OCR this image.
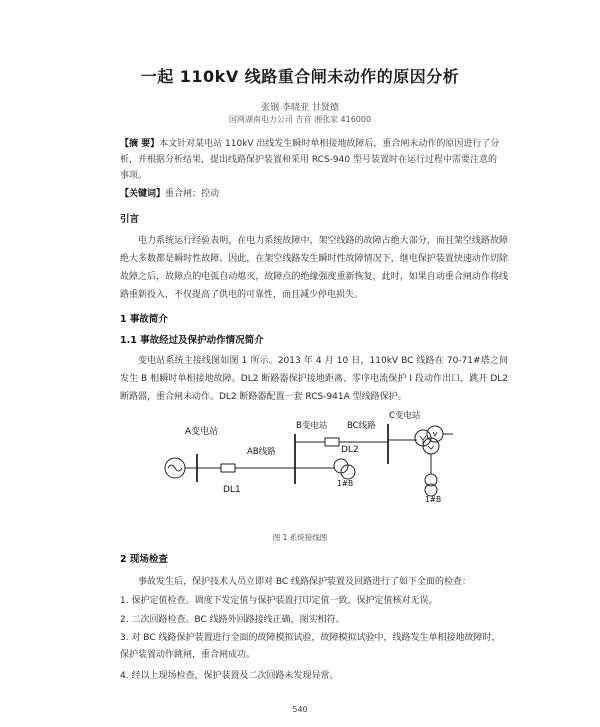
一起 110kV 线路重合闸未动作的原因分析
张钢 李晓亚 甘贤德
国网湖南电力公司 吉首 湘张家 416000
【摘 要】本文针对某电站 110kV 出线发生瞬时单相接地故障后，重合闸未动作的原因进行了分析，并根据分析结果，提出线路保护装置和采用 RCS-940 型号装置时在运行过程中需要注意的事项。
【关键词】重合闸；控动
引言
电力系统运行经验表明，在电力系统故障中，架空线路的故障占绝大部分，而且架空线路故障绝大多数都是瞬时性故障。因此，在架空线路发生瞬时性故障情况下，继电保护装置快速动作切除故障之后，故障点的电弧自动熄灭，故障点的绝缘强度重新恢复，此时，如果自动重合闸动作将线路重新投入，不仅提高了供电的可靠性，而且减少停电损失。
1 事故简介
1.1 事故经过及保护动作情况简介
变电站系统主接线图如图 1 所示。2013 年 4 月 10 日，110kV BC 线路在 70-71#塔之间发生 B 相瞬时单相接地故障。DL2 断路器保护接地距离、零序电流保护 I 段动作出口，跳开 DL2 断路器，重合闸未动作。DL2 断路器配置一套 RCS-941A 型线路保护。
A变电站
B变电站
C变电站
AB线路
BC线路
DL1
DL2
1#B
1#B
图 1 系统接线图
2 现场检查
事故发生后，保护技术人员立即对 BC 线路保护装置及回路进行了如下全面的检查：
1. 保护定值检查。调度下发定值与保护装置打印定值一致，保护定值核对无误。
2. 二次回路检查。BC 线路外回路接线正确，图实相符。
3. 对 BC 线路保护装置进行全面的故障模拟试验，故障模拟试验中，线路发生单相接地故障时，保护装置动作跳闸，重合闸成功。
4. 经以上现场检查，保护装置及二次回路未发现异常。
540
